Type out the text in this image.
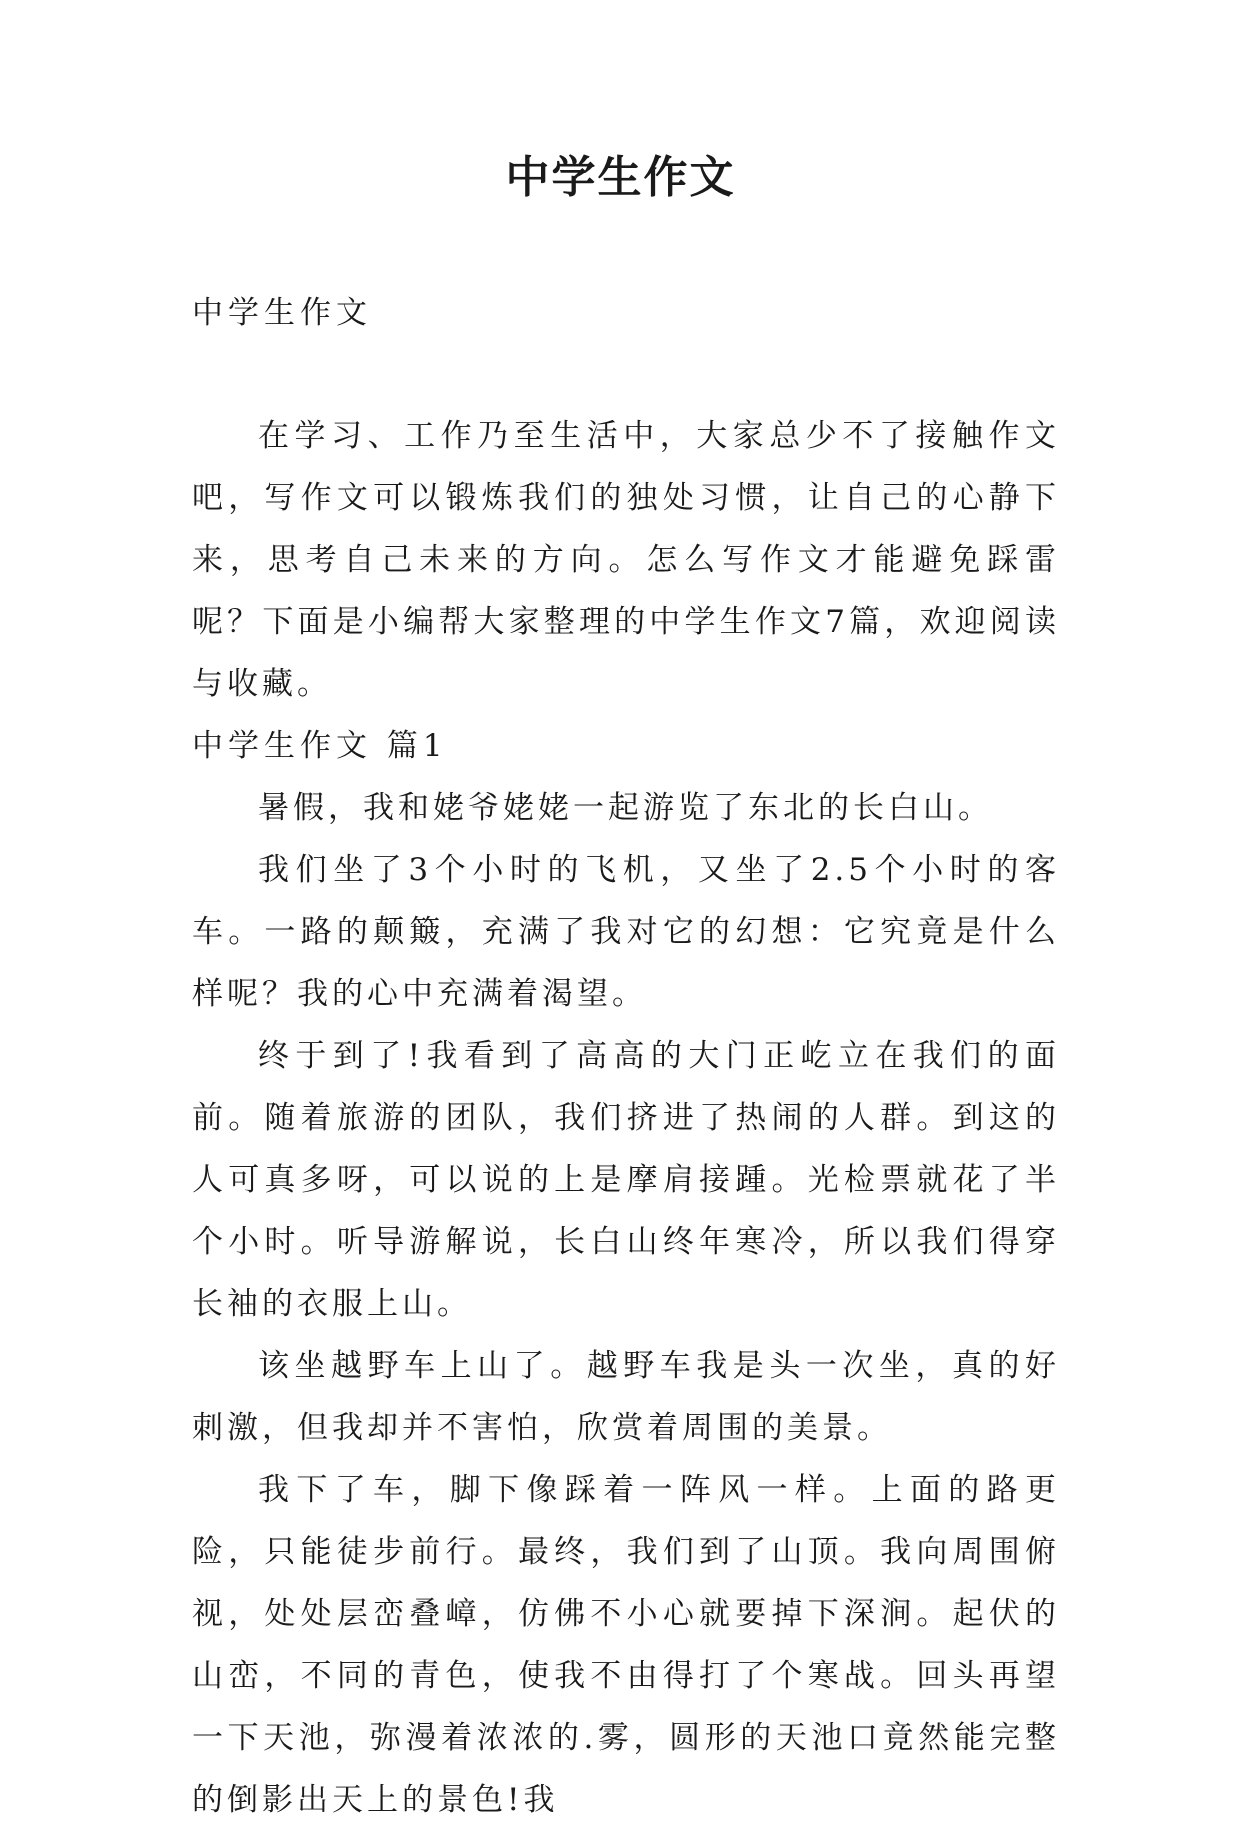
中学生作文
中学生作文

在学习、工作乃至生活中，大家总少不了接触作文吧，写作文可以锻炼我们的独处习惯，让自己的心静下来，思考自己未来的方向。怎么写作文才能避免踩雷呢？下面是小编帮大家整理的中学生作文7篇，欢迎阅读与收藏。

中学生作文 篇1

暑假，我和姥爷姥姥一起游览了东北的长白山。

我们坐了3个小时的飞机，又坐了2.5个小时的客车。一路的颠簸，充满了我对它的幻想：它究竟是什么样呢？我的心中充满着渴望。

终于到了!我看到了高高的大门正屹立在我们的面前。随着旅游的团队，我们挤进了热闹的人群。到这的人可真多呀，可以说的上是摩肩接踵。光检票就花了半个小时。听导游解说，长白山终年寒冷，所以我们得穿长袖的衣服上山。

该坐越野车上山了。越野车我是头一次坐，真的好刺激，但我却并不害怕，欣赏着周围的美景。

我下了车，脚下像踩着一阵风一样。上面的路更险，只能徒步前行。最终，我们到了山顶。我向周围俯视，处处层峦叠嶂，仿佛不小心就要掉下深涧。起伏的山峦，不同的青色，使我不由得打了个寒战。回头再望一下天池，弥漫着浓浓的.雾，圆形的天池口竟然能完整的倒影出天上的景色!我
